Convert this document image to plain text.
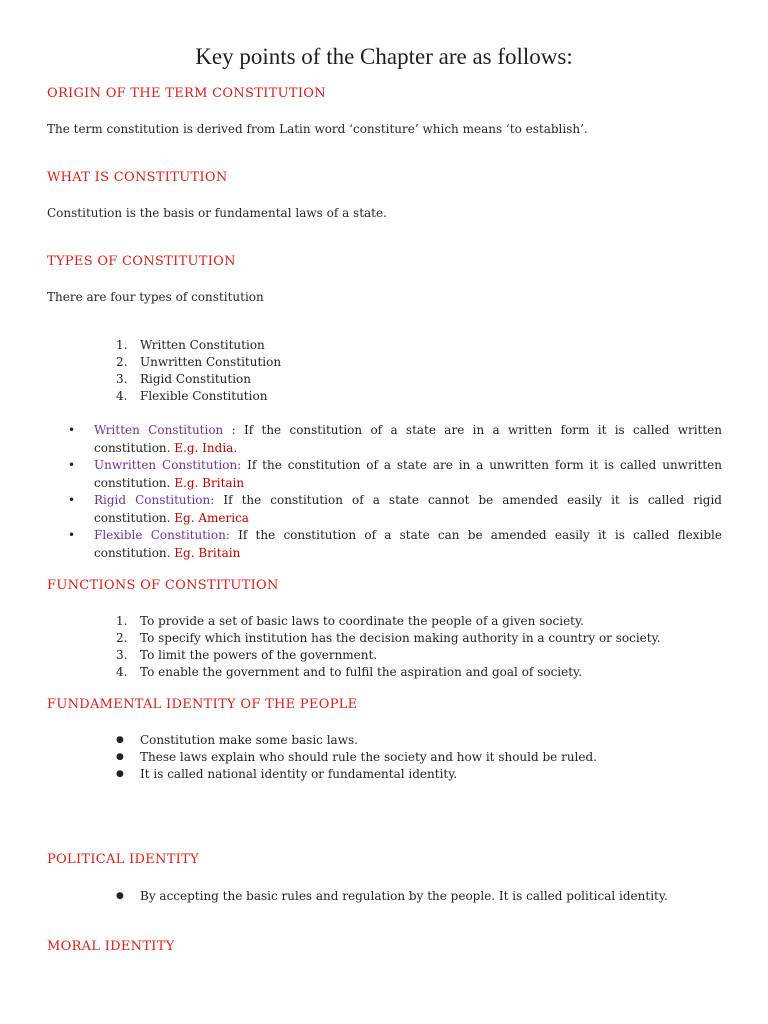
Key points of the Chapter are as follows:
ORIGIN OF THE TERM CONSTITUTION
The term constitution is derived from Latin word ‘constiture’ which means ‘to establish’.
WHAT IS CONSTITUTION
Constitution is the basis or fundamental laws of a state.
TYPES OF CONSTITUTION
There are four types of constitution
1. Written Constitution
2. Unwritten Constitution
3. Rigid Constitution
4. Flexible Constitution
• Written Constitution : If the constitution of a state are in a written form it is called written constitution. E.g. India.
• Unwritten Constitution: If the constitution of a state are in a unwritten form it is called unwritten constitution. E.g. Britain
• Rigid Constitution: If the constitution of a state cannot be amended easily it is called rigid constitution. Eg. America
• Flexible Constitution: If the constitution of a state can be amended easily it is called flexible constitution. Eg. Britain
FUNCTIONS OF CONSTITUTION
1. To provide a set of basic laws to coordinate the people of a given society.
2. To specify which institution has the decision making authority in a country or society.
3. To limit the powers of the government.
4. To enable the government and to fulfil the aspiration and goal of society.
FUNDAMENTAL IDENTITY OF THE PEOPLE
● Constitution make some basic laws.
● These laws explain who should rule the society and how it should be ruled.
● It is called national identity or fundamental identity.
POLITICAL IDENTITY
● By accepting the basic rules and regulation by the people. It is called political identity.
MORAL IDENTITY
